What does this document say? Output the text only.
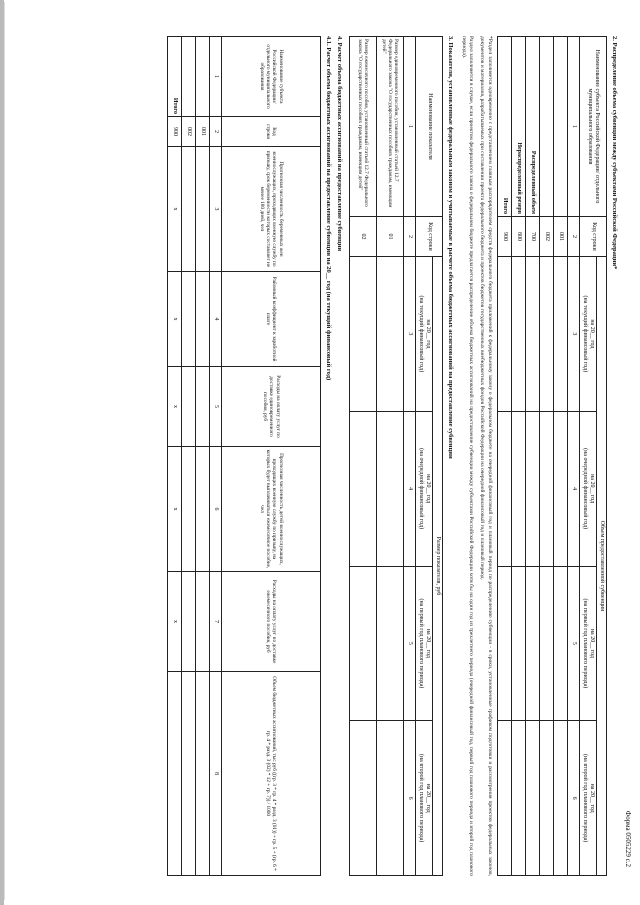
Форма 0505229 с.2
2. Распределение объема субвенции между субъектами Российской Федерации*
Наименование субъекта Российской Федерации/ отдельного муниципального образования	Код строки	Объем предоставленной субвенции			
		на 20__ год
(на текущий финансовый год)	на 20__ год
(на очередной финансовый год)	на 20__ год
(на первый год планового периода)	на 20__ год
(на второй год планового периода)
1	2	3	4	5	6
	001				
	002				
Распределенный объем	700				
Нераспределенный резерв	800				
Итого	900				
*Раздел заполняется одновременно с представлением главным распорядителем средств федерального бюджета приложений к федеральному закону о федеральном бюджете на очередной финансовый год и плановый период по распределению субвенции - в сроки, установленные графиком подготовки и рассмотрения проектов федеральных законов, документов и материалов, разрабатываемых при составлении проекта федерального бюджета и проектов бюджетов государственных внебюджетных фондов Российской Федерации на очередной финансовый год и плановый период.
Раздел заполняется в случае, если проектом федерального закона о федеральном бюджете предлагается распределение объема бюджетных ассигнований на предоставление субвенции между субъектами Российской Федерации хотя бы на один год из трехлетнего периода (очередной финансовый год, первый год планового периода и второй год планового периода).
3. Показатели, установленные федеральным законом и учитываемые в расчете объема бюджетных ассигнований на предоставление субвенции
Наименование показателя	Код строки	Размер показателя, руб			
		на 20__ год
(на текущий финансовый год)	на 20__ год
(на очередной финансовый год)	на 20__ год
(на первый год планового периода)	на 20__ год
(на второй год планового периода)
1	2	3	4	5	6
Размер единовременного пособия, установленный статьей 12.7 Федерального закона "О государственных пособиях гражданам, имеющим детей"	01				
Размер ежемесячного пособия, установленный статьей 12.7 Федерального закона "О государственных пособиях гражданам, имеющим детей"	02				
4. Расчет объема бюджетных ассигнований на предоставление субвенции
4.1. Расчет объема бюджетных ассигнований на предоставление субвенции на 20__ год (на текущий финансовый год)
Наименование субъекта Российской Федерации/ отдельного муниципального образования	Код строки	Прогнозная численность беременных жен военнослужащих, проходящих военную службу по призыву, срок беременности которых составляет не менее 180 дней, чел	Районный коэффициент к заработной плате	Расходы на оплату услуг по доставке единовременного пособия, руб	Прогнозная численность детей военнослужащих, проходящих военную службу по призыву, на которых будет выплачиваться ежемесячное пособие, чел	Расходы на оплату услуг по доставке ежемесячного пособия, руб	Объем бюджетных ассигнований, тыс руб ((гр. 3 * гр. 4 * разд. 3 (01)) + гр. 5 + (гр. 6 * гр. 4 * разд. 3 (02) * 12 + гр. 7)) / 1000
1	2	3	4	5	6	7	8
	001						
	002						
Итого	900	x	x	x	x	x	
